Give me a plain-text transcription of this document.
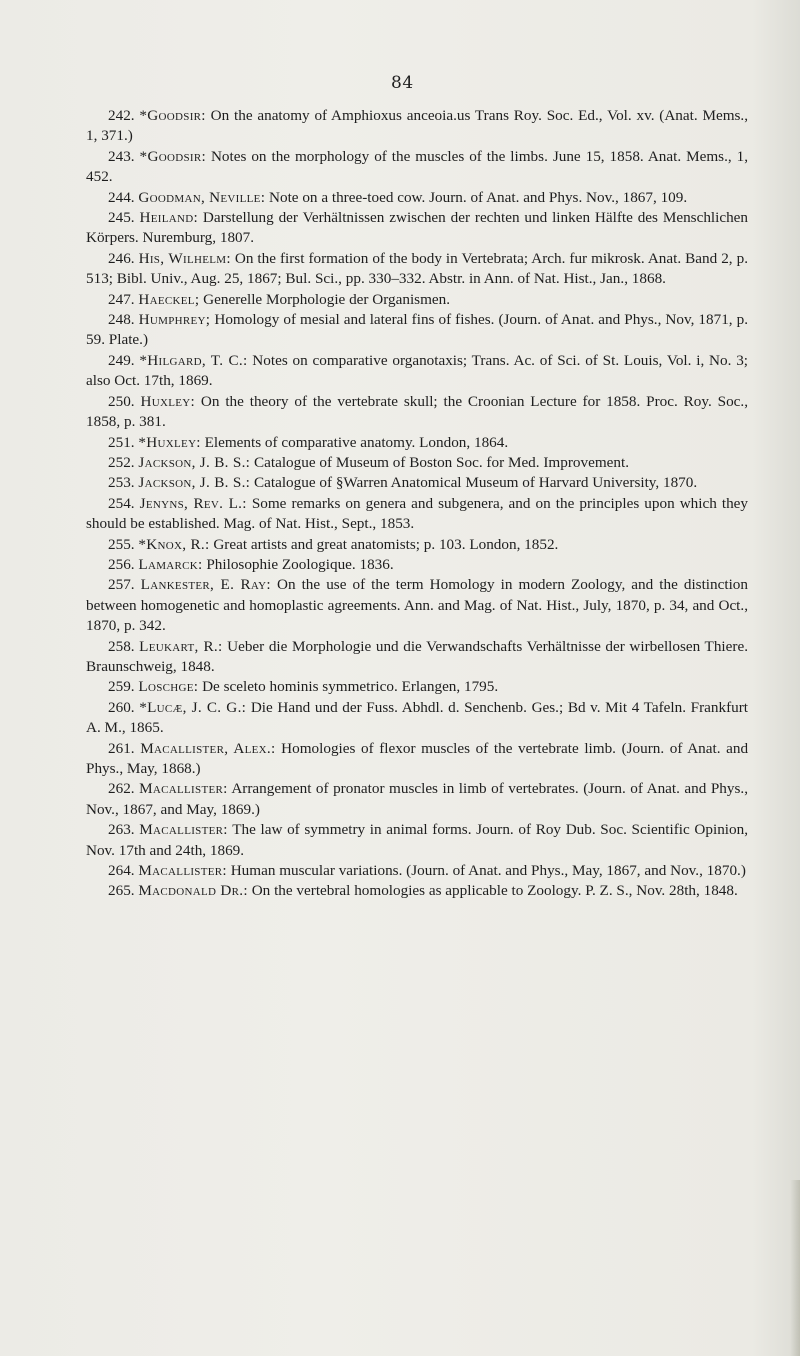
84

242. *Goodsir: On the anatomy of Amphioxus anceoia.us Trans Roy. Soc. Ed., Vol. xv. (Anat. Mems., 1, 371.)

243. *Goodsir: Notes on the morphology of the muscles of the limbs. June 15, 1858. Anat. Mems., 1, 452.

244. Goodman, Neville: Note on a three-toed cow. Journ. of Anat. and Phys. Nov., 1867, 109.

245. Heiland: Darstellung der Verhältnissen zwischen der rechten und linken Hälfte des Menschlichen Körpers. Nuremburg, 1807.

246. His, Wilhelm: On the first formation of the body in Vertebrata; Arch. fur mikrosk. Anat. Band 2, p. 513; Bibl. Univ., Aug. 25, 1867; Bul. Sci., pp. 330–332. Abstr. in Ann. of Nat. Hist., Jan., 1868.

247. Haeckel; Generelle Morphologie der Organismen.

248. Humphrey; Homology of mesial and lateral fins of fishes. (Journ. of Anat. and Phys., Nov, 1871, p. 59. Plate.)

249. *Hilgard, T. C.: Notes on comparative organotaxis; Trans. Ac. of Sci. of St. Louis, Vol. i, No. 3; also Oct. 17th, 1869.

250. Huxley: On the theory of the vertebrate skull; the Croonian Lecture for 1858. Proc. Roy. Soc., 1858, p. 381.

251. *Huxley: Elements of comparative anatomy. London, 1864.

252. Jackson, J. B. S.: Catalogue of Museum of Boston Soc. for Med. Improvement.

253. Jackson, J. B. S.: Catalogue of §Warren Anatomical Museum of Harvard University, 1870.

254. Jenyns, Rev. L.: Some remarks on genera and subgenera, and on the principles upon which they should be established. Mag. of Nat. Hist., Sept., 1853.

255. *Knox, R.: Great artists and great anatomists; p. 103. London, 1852.

256. Lamarck: Philosophie Zoologique. 1836.

257. Lankester, E. Ray: On the use of the term Homology in modern Zoology, and the distinction between homogenetic and homoplastic agreements. Ann. and Mag. of Nat. Hist., July, 1870, p. 34, and Oct., 1870, p. 342.

258. Leukart, R.: Ueber die Morphologie und die Verwandschafts Verhältnisse der wirbellosen Thiere. Braunschweig, 1848.

259. Loschge: De sceleto hominis symmetrico. Erlangen, 1795.

260. *Lucæ, J. C. G.: Die Hand und der Fuss. Abhdl. d. Senchenb. Ges.; Bd v. Mit 4 Tafeln. Frankfurt A. M., 1865.

261. Macallister, Alex.: Homologies of flexor muscles of the vertebrate limb. (Journ. of Anat. and Phys., May, 1868.)

262. Macallister: Arrangement of pronator muscles in limb of vertebrates. (Journ. of Anat. and Phys., Nov., 1867, and May, 1869.)

263. Macallister: The law of symmetry in animal forms. Journ. of Roy Dub. Soc. Scientific Opinion, Nov. 17th and 24th, 1869.

264. Macallister: Human muscular variations. (Journ. of Anat. and Phys., May, 1867, and Nov., 1870.)

265. Macdonald Dr.: On the vertebral homologies as applicable to Zoology. P. Z. S., Nov. 28th, 1848.
